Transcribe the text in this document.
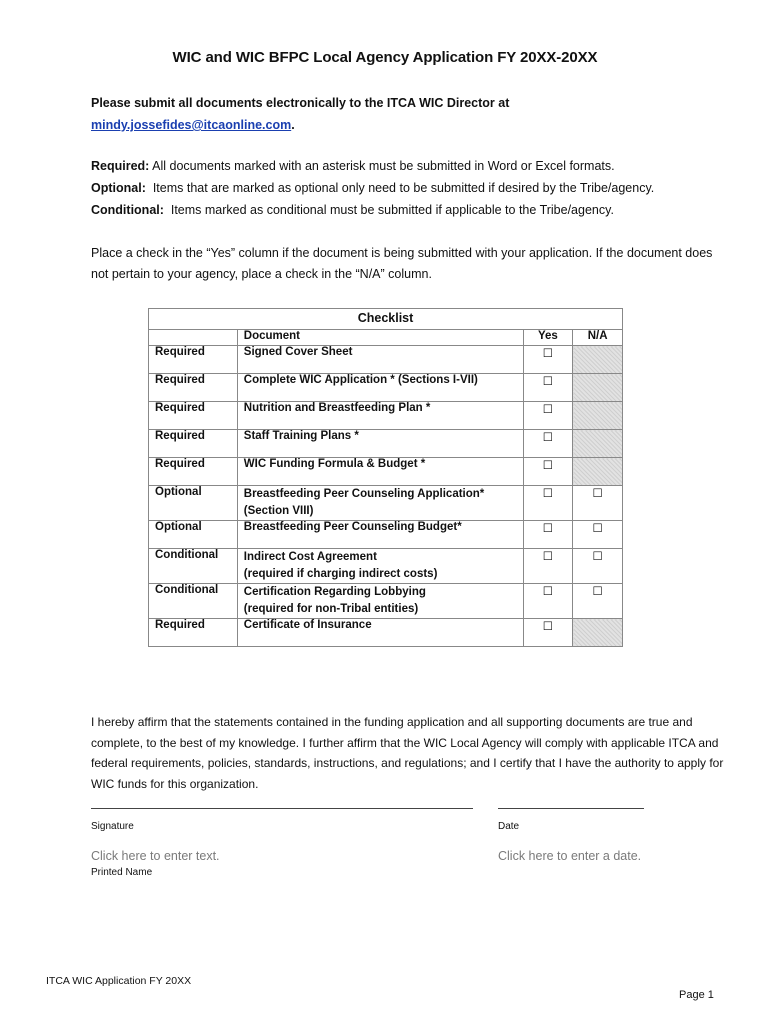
WIC and WIC BFPC Local Agency Application FY 20XX-20XX
Please submit all documents electronically to the ITCA WIC Director at
mindy.jossefides@itcaonline.com.
Required: All documents marked with an asterisk must be submitted in Word or Excel formats.
Optional: Items that are marked as optional only need to be submitted if desired by the Tribe/agency.
Conditional: Items marked as conditional must be submitted if applicable to the Tribe/agency.
Place a check in the “Yes” column if the document is being submitted with your application. If the document does not pertain to your agency, place a check in the “N/A” column.
Checklist			
	Document	Yes	N/A
Required	Signed Cover Sheet	☐	
Required	Complete WIC Application * (Sections I-VII)	☐	
Required	Nutrition and Breastfeeding Plan *	☐	
Required	Staff Training Plans *	☐	
Required	WIC Funding Formula & Budget *	☐	
Optional	Breastfeeding Peer Counseling Application*
(Section VIII)	☐	☐
Optional	Breastfeeding Peer Counseling Budget*	☐	☐
Conditional	Indirect Cost Agreement
(required if charging indirect costs)	☐	☐
Conditional	Certification Regarding Lobbying
(required for non-Tribal entities)	☐	☐
Required	Certificate of Insurance	☐	
I hereby affirm that the statements contained in the funding application and all supporting documents are true and complete, to the best of my knowledge. I further affirm that the WIC Local Agency will comply with applicable ITCA and federal requirements, policies, standards, instructions, and regulations; and I certify that I have the authority to apply for WIC funds for this organization.
Signature	Date
Click here to enter text.	Click here to enter a date.
Printed Name
ITCA WIC Application FY 20XX
Page 1
